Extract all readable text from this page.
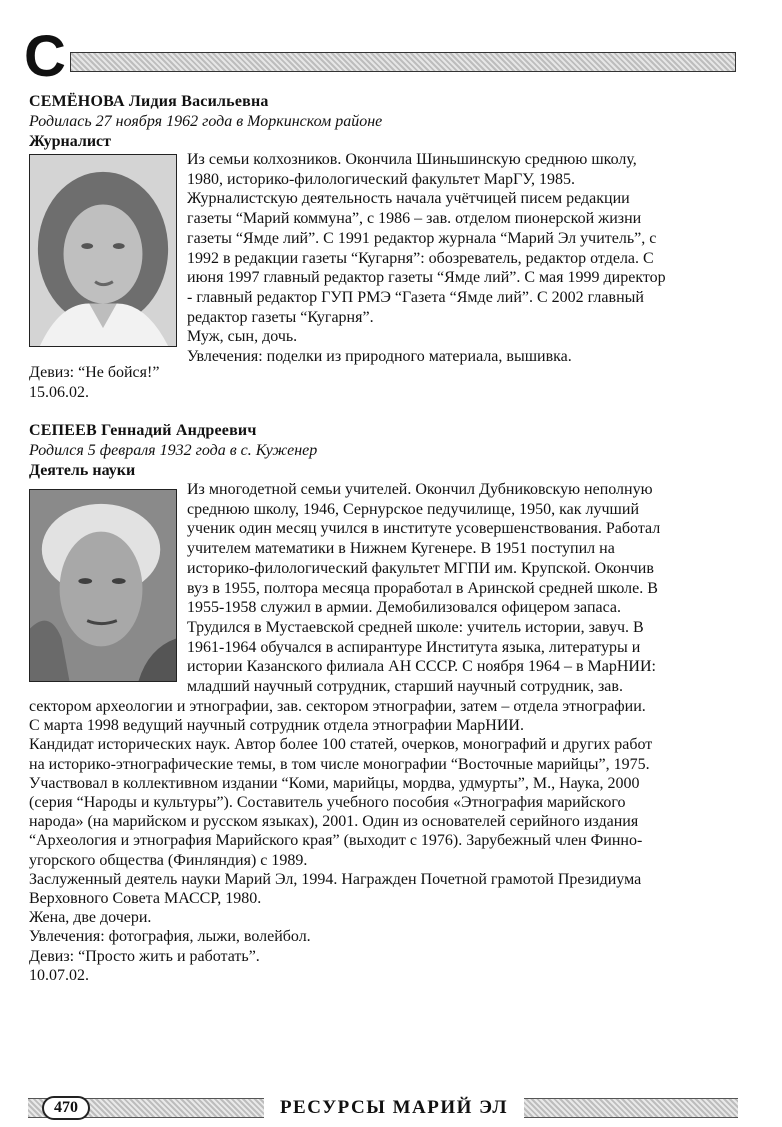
С
СЕМЁНОВА Лидия Васильевна
Родилась 27 ноября 1962 года в Моркинском районе
Журналист

Из семьи колхозников. Окончила Шиньшинскую среднюю школу,

1980, историко-филологический факультет МарГУ, 1985.

Журналистскую деятельность начала учётчицей писем редакции

газеты “Марий коммуна”, с 1986 – зав. отделом пионерской жизни

газеты “Ямде лий”. С 1991 редактор журнала “Марий Эл учитель”, с

1992 в редакции газеты “Кугарня”: обозреватель, редактор отдела. С

июня 1997 главный редактор газеты “Ямде лий”. С мая 1999 директор

- главный редактор ГУП РМЭ “Газета “Ямде лий”. С 2002 главный

редактор газеты “Кугарня”.

Муж, сын, дочь.

Увлечения: поделки из природного материала, вышивка.

Девиз: “Не бойся!”

15.06.02.

СЕПЕЕВ Геннадий Андреевич
Родился 5 февраля 1932 года в с. Куженер
Деятель науки

Из многодетной семьи учителей. Окончил Дубниковскую неполную

среднюю школу, 1946, Сернурское педучилище, 1950, как лучший

ученик один месяц учился в институте усовершенствования. Работал

учителем математики в Нижнем Кугенере. В 1951 поступил на

историко-филологический факультет МГПИ им. Крупской. Окончив

вуз в 1955, полтора месяца проработал в Аринской средней школе. В

1955-1958 служил в армии. Демобилизовался офицером запаса.

Трудился в Мустаевской средней школе: учитель истории, завуч. В

1961-1964 обучался в аспирантуре Института языка, литературы и

истории Казанского филиала АН СССР. С ноября 1964 – в МарНИИ:

младший научный сотрудник, старший научный сотрудник, зав.

сектором археологии и этнографии, зав. сектором этнографии, затем – отдела этнографии.

С марта 1998 ведущий научный сотрудник отдела этнографии МарНИИ.

Кандидат исторических наук. Автор более 100 статей, очерков, монографий и других работ

на историко-этнографические темы, в том числе монографии “Восточные марийцы”, 1975.

Участвовал в коллективном издании “Коми, марийцы, мордва, удмурты”, М., Наука, 2000

(серия “Народы и культуры”). Составитель учебного пособия «Этнография марийского

народа» (на марийском и русском языках), 2001. Один из основателей серийного издания

“Археология и этнография Марийского края” (выходит с 1976). Зарубежный член Финно-

угорского общества (Финляндия) с 1989.

Заслуженный деятель науки Марий Эл, 1994. Награжден Почетной грамотой Президиума

Верховного Совета МАССР, 1980.

Жена, две дочери.

Увлечения: фотография, лыжи, волейбол.

Девиз: “Просто жить и работать”.

10.07.02.

470	РЕСУРСЫ МАРИЙ ЭЛ
